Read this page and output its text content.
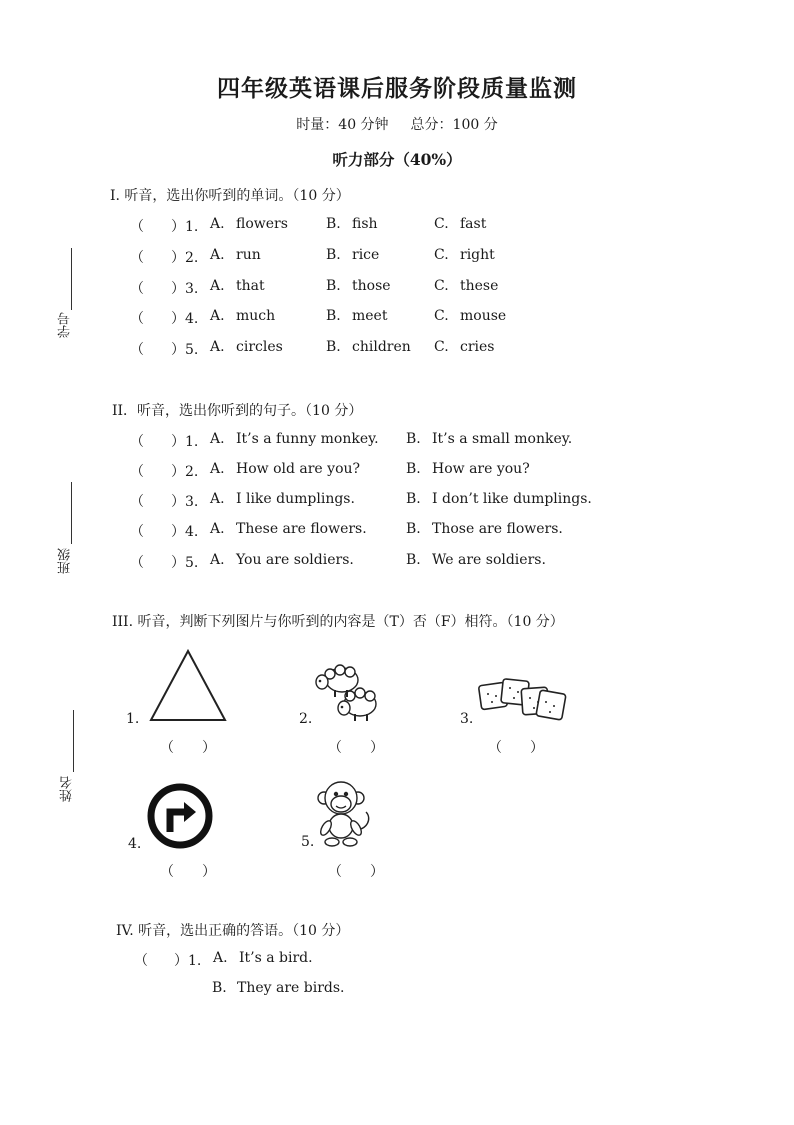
四年级英语课后服务阶段质量监测
时量：40 分钟 总分：100 分
听力部分（40%）
学号
班级
姓名
I. 听音，选出你听到的单词。（10 分）
（ ）1. A. flowers	B. fish	C. fast
（ ）2. A. run	B. rice	C. right
（ ）3. A. that	B. those	C. these
（ ）4. A. much	B. meet	C. mouse
（ ）5. A. circles	B. children C. cries
II．听音，选出你听到的句子。（10 分）
（ ）1. A. It’s a funny monkey. B. It’s a small monkey.
（ ）2. A. How old are you?	B. How are you?
（ ）3. A. I like dumplings.	B. I don’t like dumplings.
（ ）4. A. These are flowers.	B. Those are flowers.
（ ）5. A. You are soldiers.	B. We are soldiers.
III. 听音，判断下列图片与你听到的内容是（T）否（F）相符。（10 分）
1.
（　　）
2.
（　　）
3.
（　　）
4.
（　　）
5.
（　　）
IV. 听音，选出正确的答语。（10 分）
（ ）1. A. It’s a bird.
B. They are birds.
